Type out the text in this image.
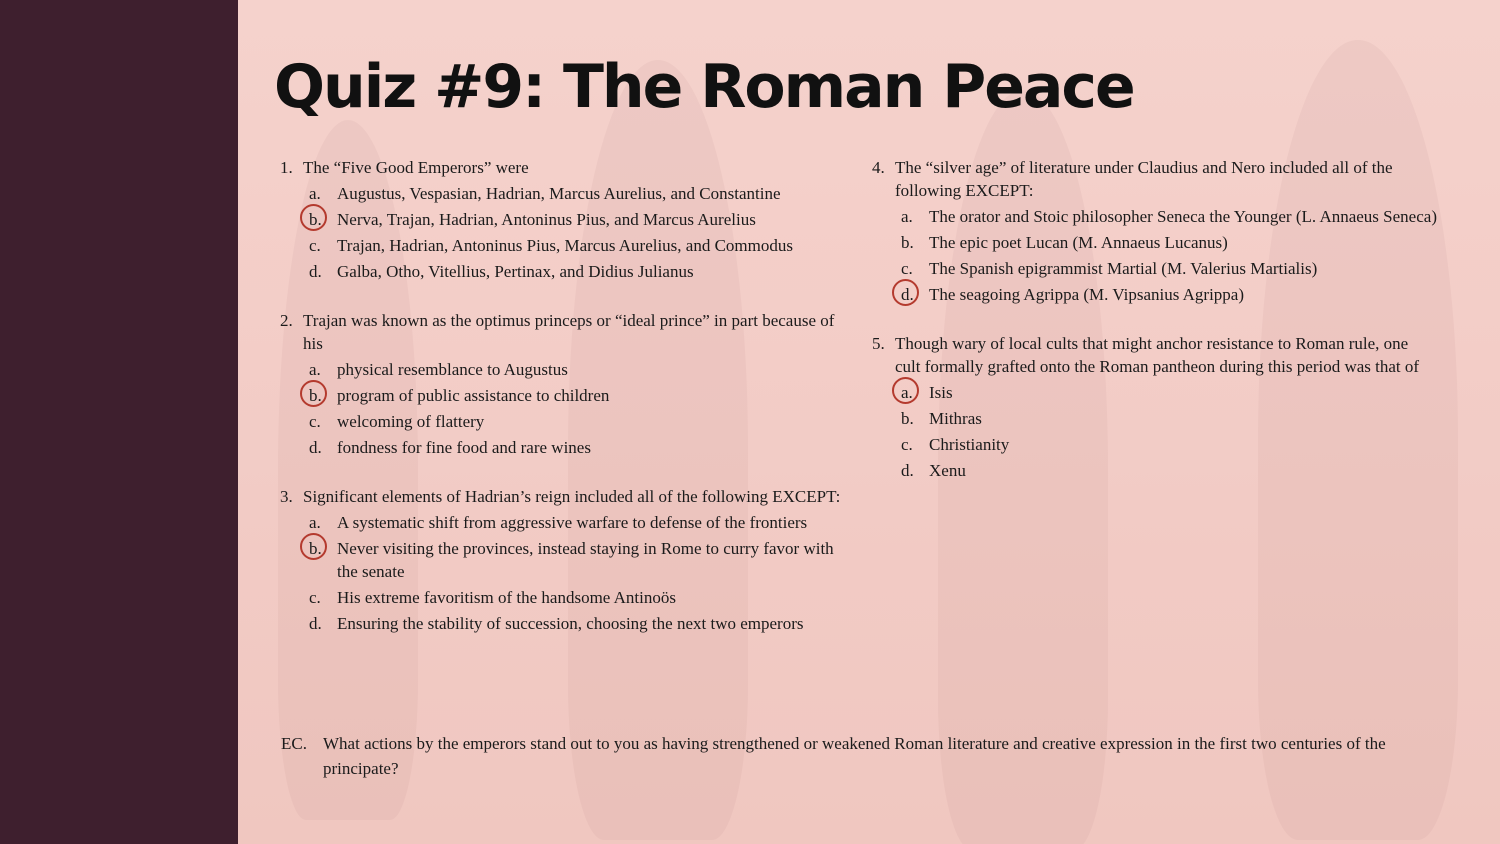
Quiz #9: The Roman Peace
1. The “Five Good Emperors” were
a. Augustus, Vespasian, Hadrian, Marcus Aurelius, and Constantine
b. Nerva, Trajan, Hadrian, Antoninus Pius, and Marcus Aurelius
c. Trajan, Hadrian, Antoninus Pius, Marcus Aurelius, and Commodus
d. Galba, Otho, Vitellius, Pertinax, and Didius Julianus
2. Trajan was known as the optimus princeps or “ideal prince” in part because of his
a. physical resemblance to Augustus
b. program of public assistance to children
c. welcoming of flattery
d. fondness for fine food and rare wines
3. Significant elements of Hadrian’s reign included all of the following EXCEPT:
a. A systematic shift from aggressive warfare to defense of the frontiers
b. Never visiting the provinces, instead staying in Rome to curry favor with the senate
c. His extreme favoritism of the handsome Antinoös
d. Ensuring the stability of succession, choosing the next two emperors
4. The “silver age” of literature under Claudius and Nero included all of the following EXCEPT:
a. The orator and Stoic philosopher Seneca the Younger (L. Annaeus Seneca)
b. The epic poet Lucan (M. Annaeus Lucanus)
c. The Spanish epigrammist Martial (M. Valerius Martialis)
d. The seagoing Agrippa (M. Vipsanius Agrippa)
5. Though wary of local cults that might anchor resistance to Roman rule, one cult formally grafted onto the Roman pantheon during this period was that of
a. Isis
b. Mithras
c. Christianity
d. Xenu
EC. What actions by the emperors stand out to you as having strengthened or weakened Roman literature and creative expression in the first two centuries of the principate?
